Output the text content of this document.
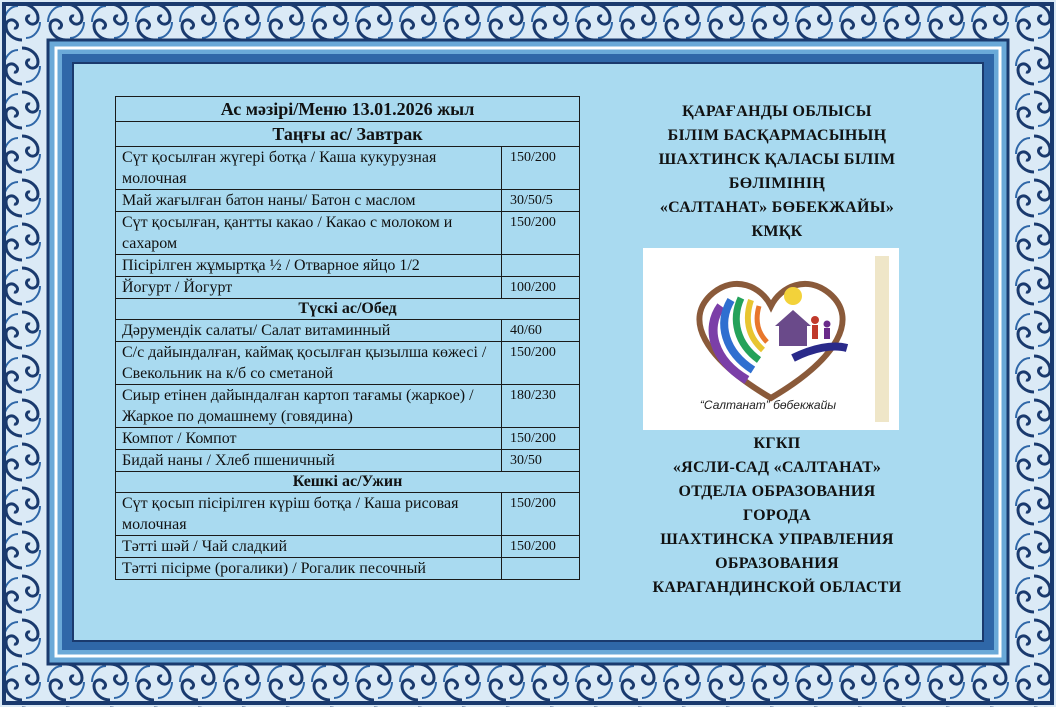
Ас мәзірі/Меню 13.01.2026 жыл	
Таңғы ас/ Завтрак	
Сүт қосылған жүгері ботқа / Каша кукурузная молочная	150/200
Май жағылған батон наны/ Батон с маслом	30/50/5
Сүт қосылған, қантты какао / Какао с молоком и сахаром	150/200
Пісірілген жұмыртқа ½ / Отварное яйцо 1/2	
Йогурт / Йогурт	100/200
Түскі ас/Обед	
Дәрумендік салаты/ Салат витаминный	40/60
С/с дайындалған, каймақ қосылған қызылша көжесі / Свекольник на к/б со сметаной	150/200
Сиыр етінен дайындалған картоп тағамы (жаркое) / Жаркое по домашнему (говядина)	180/230
Компот / Компот	150/200
Бидай наны / Хлеб пшеничный	30/50
Кешкі ас/Ужин	
Сүт қосып пісірілген күріш ботқа / Каша рисовая молочная	150/200
Тәтті шәй / Чай сладкий	150/200
Тәтті пісірме (рогалики) / Рогалик песочный	
ҚАРАҒАНДЫ ОБЛЫСЫ
БІЛІМ БАСҚАРМАСЫНЫҢ
ШАХТИНСК ҚАЛАСЫ БІЛІМ
БӨЛІМІНІҢ
«САЛТАНАТ» БӨБЕКЖАЙЫ»
КМҚК
“Салтанат” бөбекжайы
КГКП
«ЯСЛИ-САД «САЛТАНАТ»
ОТДЕЛА ОБРАЗОВАНИЯ
ГОРОДА
ШАХТИНСКА УПРАВЛЕНИЯ
ОБРАЗОВАНИЯ
КАРАГАНДИНСКОЙ ОБЛАСТИ
